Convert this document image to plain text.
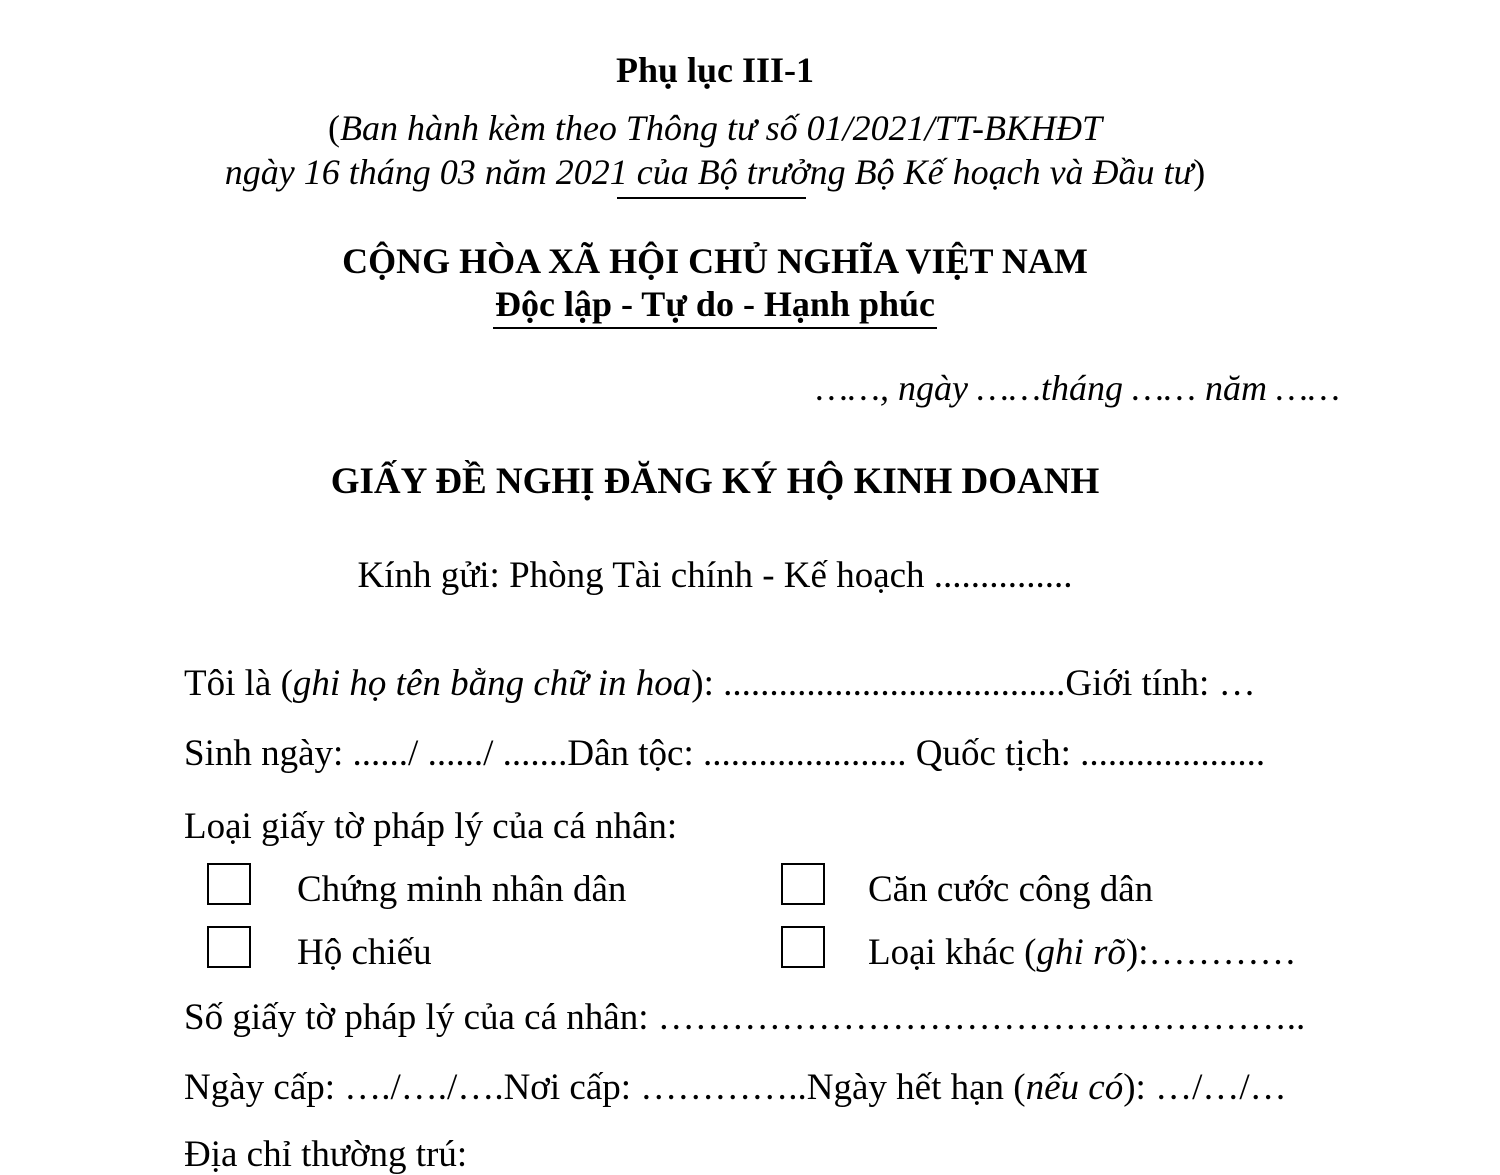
Phụ lục III-1
(Ban hành kèm theo Thông tư số 01/2021/TT-BKHĐT
ngày 16 tháng 03 năm 2021 của Bộ trưởng Bộ Kế hoạch và Đầu tư)
CỘNG HÒA XÃ HỘI CHỦ NGHĨA VIỆT NAM
Độc lập - Tự do - Hạnh phúc
……, ngày ……tháng …… năm ……
GIẤY ĐỀ NGHỊ ĐĂNG KÝ HỘ KINH DOANH
Kính gửi: Phòng Tài chính - Kế hoạch ...............
Tôi là (ghi họ tên bằng chữ in hoa): .....................................Giới tính: …
Sinh ngày: ....../ ....../ .......Dân tộc: ...................... Quốc tịch: ....................
Loại giấy tờ pháp lý của cá nhân:
Chứng minh nhân dân	Căn cước công dân
Hộ chiếu	Loại khác (ghi rõ):…………
Số giấy tờ pháp lý của cá nhân: ……………………………………………..
Ngày cấp: …./…./….Nơi cấp: …………..Ngày hết hạn (nếu có): …/…/…
Địa chỉ thường trú:
